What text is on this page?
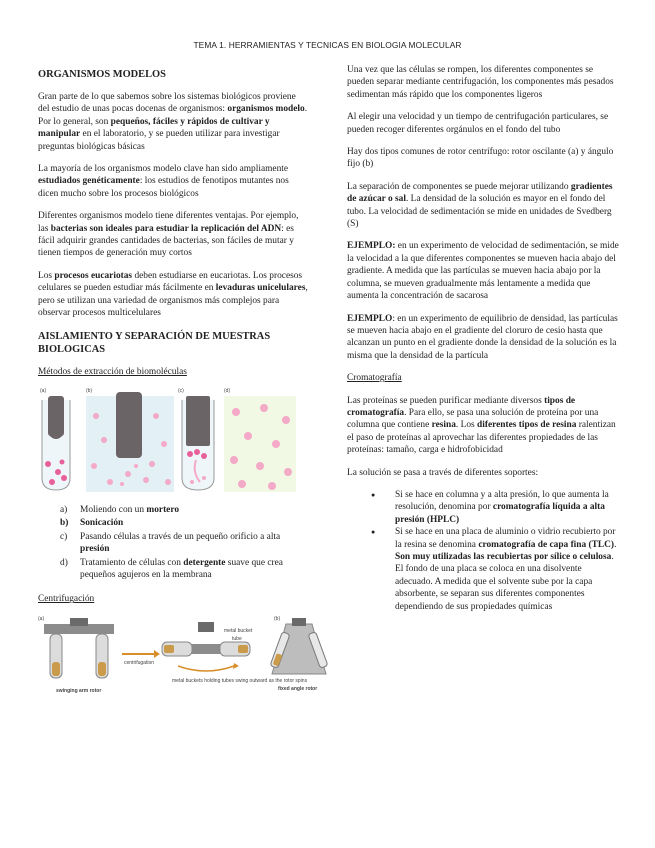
TEMA 1. HERRAMIENTAS Y TECNICAS EN BIOLOGIA MOLECULAR
ORGANISMOS MODELOS

Gran parte de lo que sabemos sobre los sistemas biológicos proviene del estudio de unas pocas docenas de organismos: organismos modelo. Por lo general, son pequeños, fáciles y rápidos de cultivar y manipular en el laboratorio, y se pueden utilizar para investigar preguntas biológicas básicas

La mayoría de los organismos modelo clave han sido ampliamente estudiados genéticamente: los estudios de fenotipos mutantes nos dicen mucho sobre los procesos biológicos

Diferentes organismos modelo tiene diferentes ventajas. Por ejemplo, las bacterias son ideales para estudiar la replicación del ADN: es fácil adquirir grandes cantidades de bacterias, son fáciles de mutar y tienen tiempos de generación muy cortos

Los procesos eucariotas deben estudiarse en eucariotas. Los procesos celulares se pueden estudiar más fácilmente en levaduras unicelulares, pero se utilizan una variedad de organismos más complejos para observar procesos multicelulares

AISLAMIENTO Y SEPARACIÓN DE MUESTRAS BIOLOGICAS
Métodos de extracción de biomoléculas
(a)	(b)	(c)	(d)
a) Moliendo con un mortero
b) Sonicación
c) Pasando células a través de un pequeño orificio a alta presión
d) Tratamiento de células con detergente suave que crea pequeños agujeros en la membrana
Centrifugación
(a)	(b)
swinging arm rotor
centrifugation
metal bucket
tube
metal buckets holding tubes swing outward as the rotor spins
fixed angle rotor

Una vez que las células se rompen, los diferentes componentes se pueden separar mediante centrifugación, los componentes más pesados sedimentan más rápido que los componentes ligeros

Al elegir una velocidad y un tiempo de centrifugación particulares, se pueden recoger diferentes orgánulos en el fondo del tubo

Hay dos tipos comunes de rotor centrífugo: rotor oscilante (a) y ángulo fijo (b)

La separación de componentes se puede mejorar utilizando gradientes de azúcar o sal. La densidad de la solución es mayor en el fondo del tubo. La velocidad de sedimentación se mide en unidades de Svedberg (S)

EJEMPLO: en un experimento de velocidad de sedimentación, se mide la velocidad a la que diferentes componentes se mueven hacia abajo del gradiente. A medida que las partículas se mueven hacia abajo por la columna, se mueven gradualmente más lentamente a medida que aumenta la concentración de sacarosa

EJEMPLO: en un experimento de equilibrio de densidad, las partículas se mueven hacia abajo en el gradiente del cloruro de cesio hasta que alcanzan un punto en el gradiente donde la densidad de la solución es la misma que la densidad de la partícula

Cromatografía

Las proteínas se pueden purificar mediante diversos tipos de cromatografía. Para ello, se pasa una solución de proteína por una columna que contiene resina. Los diferentes tipos de resina ralentizan el paso de proteínas al aprovechar las diferentes propiedades de las proteínas: tamaño, carga e hidrofobicidad

La solución se pasa a través de diferentes soportes:

● Si se hace en columna y a alta presión, lo que aumenta la resolución, denomina por cromatografía líquida a alta presión (HPLC)
● Si se hace en una placa de aluminio o vidrio recubierto por la resina se denomina cromatografía de capa fina (TLC). Son muy utilizadas las recubiertas por sílice o celulosa. El fondo de una placa se coloca en una disolvente adecuado. A medida que el solvente sube por la capa absorbente, se separan sus diferentes componentes dependiendo de sus propiedades químicas
